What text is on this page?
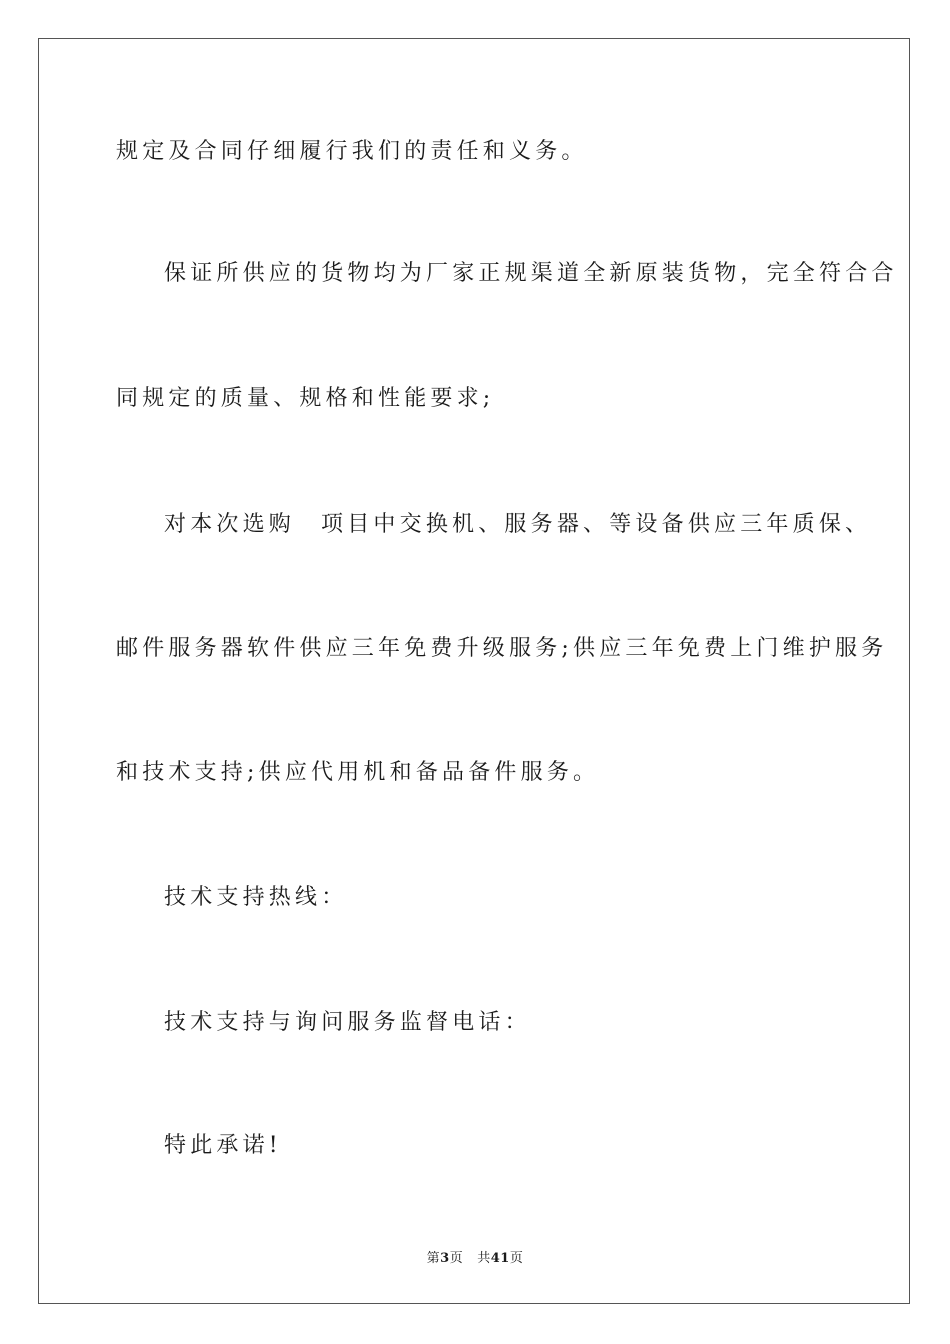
规定及合同仔细履行我们的责任和义务。
保证所供应的货物均为厂家正规渠道全新原装货物，完全符合合
同规定的质量、规格和性能要求;
对本次选购 项目中交换机、服务器、等设备供应三年质保、
邮件服务器软件供应三年免费升级服务;供应三年免费上门维护服务
和技术支持;供应代用机和备品备件服务。
技术支持热线：
技术支持与询问服务监督电话：
特此承诺!
第3页 共41页
